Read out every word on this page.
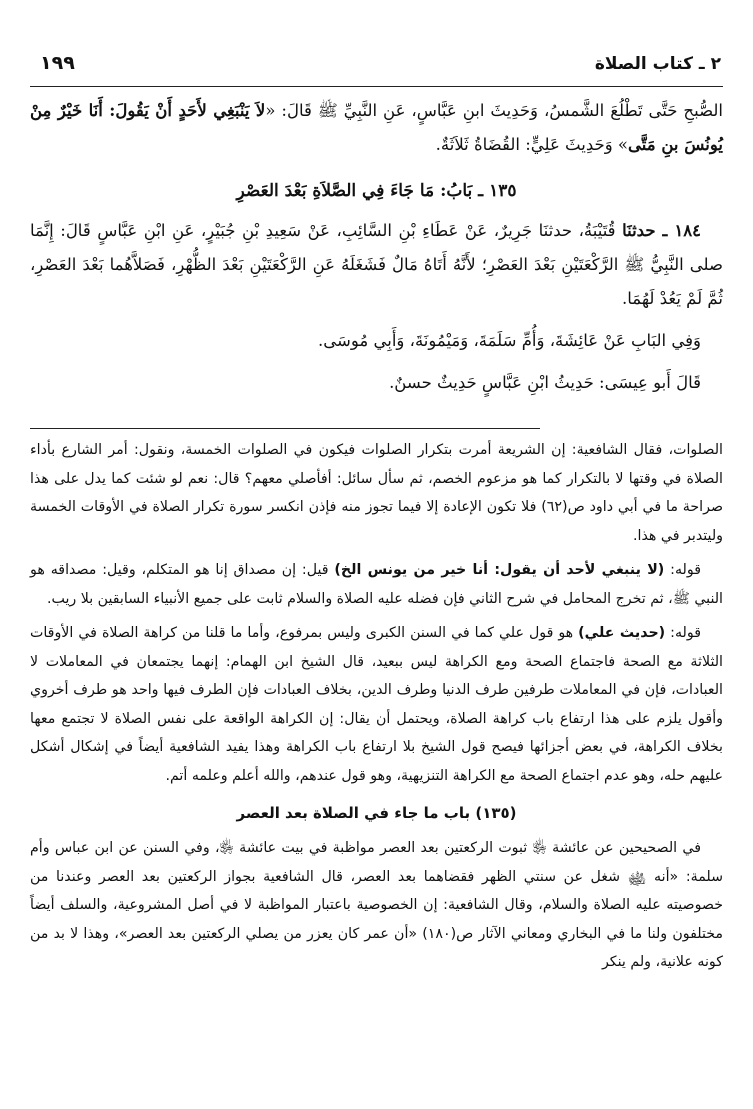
٢ ـ كتاب الصلاة
١٩٩

الصُّبحِ حَتَّى تَطْلُعَ الشَّمسُ، وَحَدِيثَ ابنِ عَبَّاسٍ، عَنِ النَّبِيِّ ﷺ قَالَ: «لاَ يَنْبَغِي لأَحَدٍ أَنْ يَقُولَ: أَنَا خَيْرٌ مِنْ يُونُسَ بنِ مَتَّى» وَحَدِيثَ عَلِيٍّ: القُضَاةُ ثَلاَثَةٌ.

١٣٥ ـ بَابُ: مَا جَاءَ فِي الصَّلاَةِ بَعْدَ العَصْرِ

١٨٤ ـ حدثنَا قُتَيْبَةُ، حدثنَا جَرِيرٌ، عَنْ عَطَاءِ بْنِ السَّائِبِ، عَنْ سَعِيدِ بْنِ جُبَيْرٍ، عَنِ ابْنِ عَبَّاسٍ قَالَ: إِنَّمَا صلى النَّبِيُّ ﷺ الرَّكْعَتَيْنِ بَعْدَ العَصْرِ؛ لأَنَّهُ أَتَاهُ مَالٌ فَشَغَلَهُ عَنِ الرَّكْعَتَيْنِ بَعْدَ الظُّهْرِ، فَصَلاَّهُما بَعْدَ العَصْرِ، ثُمَّ لَمْ يَعُدْ لَهُمَا.

وَفِي البَابِ عَنْ عَائِشَةَ، وَأُمِّ سَلَمَةَ، وَمَيْمُونَةَ، وَأَبِي مُوسَى.

قَالَ أَبو عِيسَى: حَدِيثُ ابْنِ عَبَّاسٍ حَدِيثٌ حسنٌ.

الصلوات، فقال الشافعية: إن الشريعة أمرت بتكرار الصلوات فيكون في الصلوات الخمسة، ونقول: أمر الشارع بأداء الصلاة في وقتها لا بالتكرار كما هو مزعوم الخصم، ثم سأل سائل: أفأصلي معهم؟ قال: نعم لو شئت كما يدل على هذا صراحة ما في أبي داود ص(٦٢) فلا تكون الإعادة إلا فيما تجوز منه فإذن انكسر سورة تكرار الصلاة في الأوقات الخمسة وليتدبر في هذا.

قوله: (لا ينبغي لأحد أن يقول: أنا خير من يونس الخ) قيل: إن مصداق إنا هو المتكلم، وقيل: مصداقه هو النبي ﷺ، ثم تخرج المحامل في شرح الثاني فإن فضله عليه الصلاة والسلام ثابت على جميع الأنبياء السابقين بلا ريب.

قوله: (حديث علي) هو قول علي كما في السنن الكبرى وليس بمرفوع، وأما ما قلنا من كراهة الصلاة في الأوقات الثلاثة مع الصحة فاجتماع الصحة ومع الكراهة ليس ببعيد، قال الشيخ ابن الهمام: إنهما يجتمعان في المعاملات لا العبادات، فإن في المعاملات طرفين طرف الدنيا وطرف الدين، بخلاف العبادات فإن الطرف فيها واحد هو طرف أخروي وأقول يلزم على هذا ارتفاع باب كراهة الصلاة، ويحتمل أن يقال: إن الكراهة الواقعة على نفس الصلاة لا تجتمع معها بخلاف الكراهة، في بعض أجزائها فيصح قول الشيخ بلا ارتفاع باب الكراهة وهذا يفيد الشافعية أيضاً في إشكال أشكل عليهم حله، وهو عدم اجتماع الصحة مع الكراهة التنزيهية، وهو قول عندهم، والله أعلم وعلمه أتم.

(١٣٥) باب ما جاء في الصلاة بعد العصر

في الصحيحين عن عائشة ﵂ ثبوت الركعتين بعد العصر مواظبة في بيت عائشة ﵂، وفي السنن عن ابن عباس وأم سلمة: «أنه ﵊ شغل عن سنتي الظهر فقضاهما بعد العصر، قال الشافعية بجواز الركعتين بعد العصر وعندنا من خصوصيته عليه الصلاة والسلام، وقال الشافعية: إن الخصوصية باعتبار المواظبة لا في أصل المشروعية، والسلف أيضاً مختلفون ولنا ما في البخاري ومعاني الآثار ص(١٨٠) «أن عمر كان يعزر من يصلي الركعتين بعد العصر»، وهذا لا بد من كونه علانية، ولم ينكر
